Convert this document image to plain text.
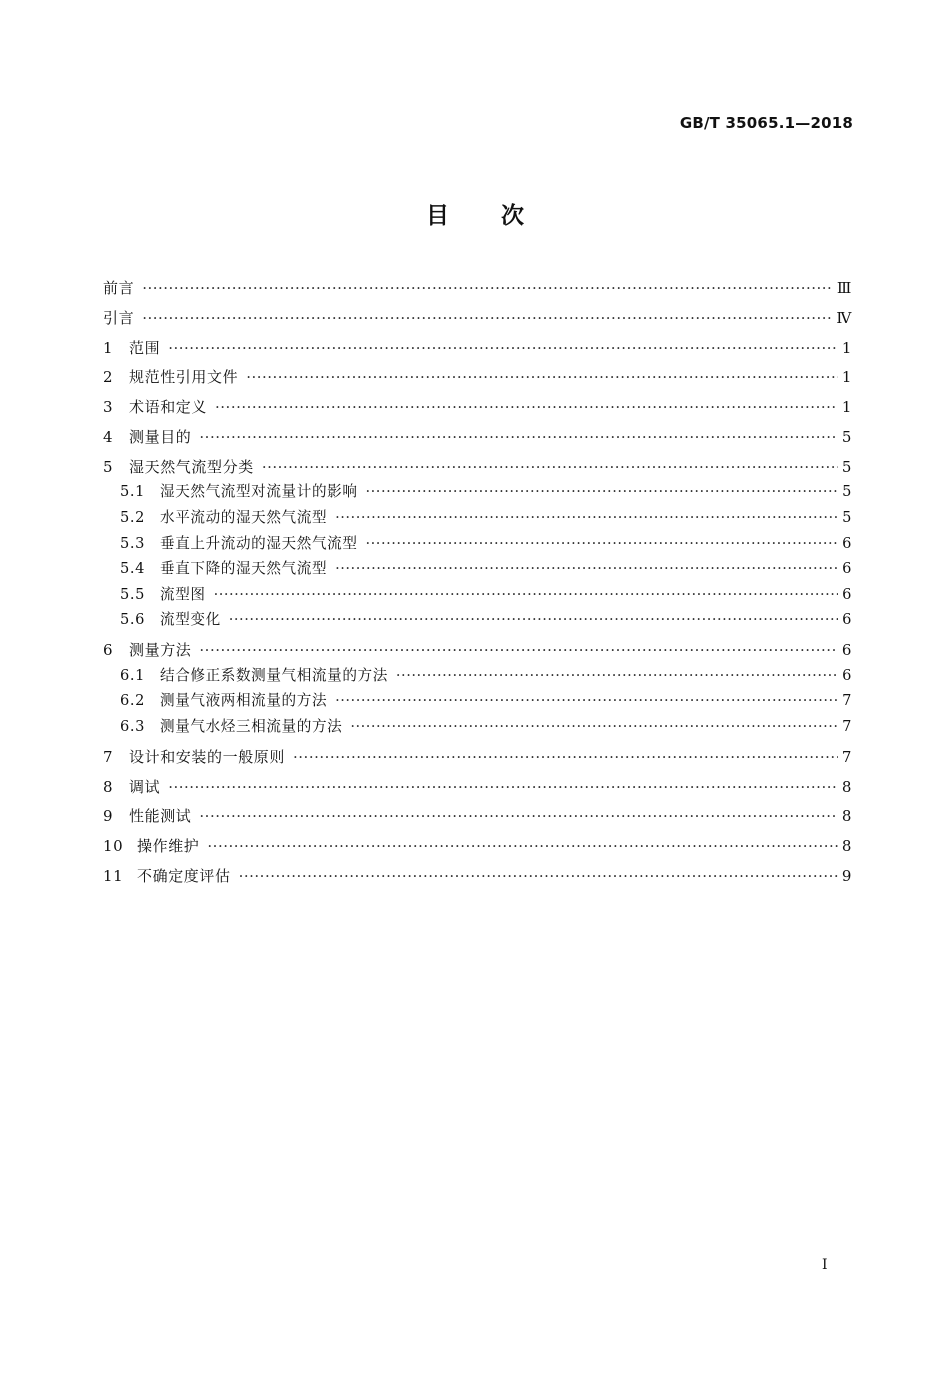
GB/T 35065.1—2018
目 次
前言 ·····	Ⅲ
引言 ·····	Ⅳ
1	范围 ·····	1
2	规范性引用文件 ·····	1
3	术语和定义 ·····	1
4	测量目的 ·····	5
5	湿天然气流型分类 ·····	5
5.1	湿天然气流型对流量计的影响 ·····	5
5.2	水平流动的湿天然气流型 ·····	5
5.3	垂直上升流动的湿天然气流型 ·····	6
5.4	垂直下降的湿天然气流型 ·····	6
5.5	流型图 ·····	6
5.6	流型变化 ·····	6
6	测量方法 ·····	6
6.1	结合修正系数测量气相流量的方法 ·····	6
6.2	测量气液两相流量的方法 ·····	7
6.3	测量气水烃三相流量的方法 ·····	7
7	设计和安装的一般原则 ·····	7
8	调试 ·····	8
9	性能测试 ·····	8
10 操作维护 ·····	8
11 不确定度评估 ·····	9
I
